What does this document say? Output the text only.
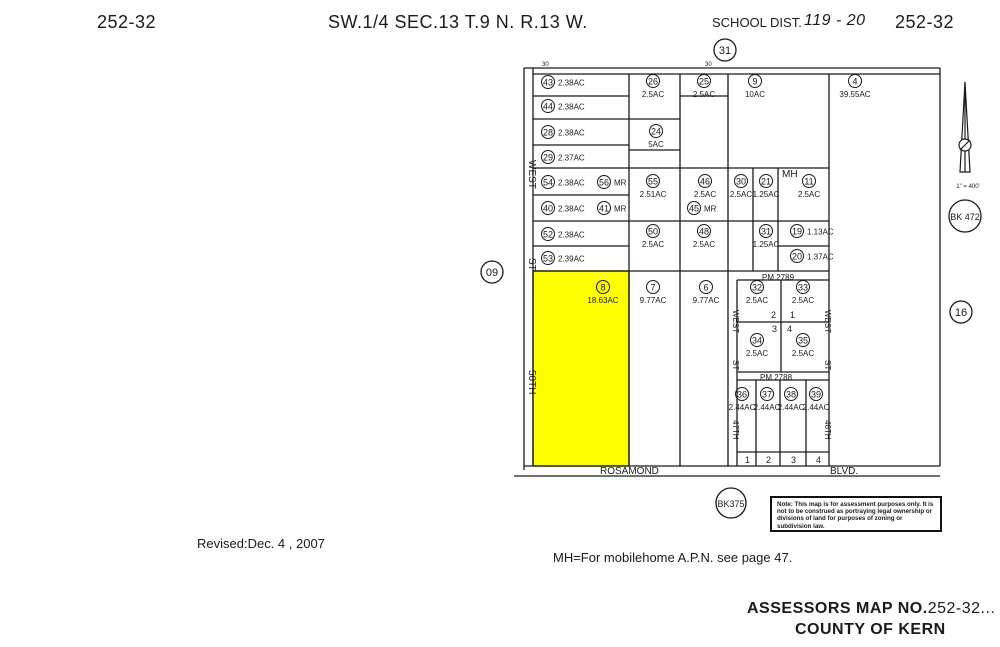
252-32	SW.1/4 SEC.13 T.9 N. R.13 W.	SCHOOL DIST. 119 - 20 252-32
43 2.38AC
44 2.38AC
28 2.38AC
29 2.37AC
54 2.38AC 56 MR
40 2.38AC 41 MR
52 2.38AC
53 2.39AC
26
2.5AC
25
2.5AC
9
10AC
4
39.55AC
24
5AC
55
2.51AC
46
2.5AC
45 MR
30
2.5AC
21
1.25AC
11
2.5AC
50
2.5AC
48
2.5AC
31
1.25AC
19 1.13AC
20 1.37AC
8
18.63AC
7
9.77AC
6
9.77AC
32
2.5AC
33
2.5AC
34
2.5AC
35
2.5AC
36
2.44AC
37
2.44AC
38
2.44AC
39
2.44AC
31
09
16
BK 472
BK375
1" = 400'
WEST
ST
50TH
ROSAMOND	BLVD.
WEST
ST
47TH
WEST
ST
46TH
PM 2789
PM 2788
MH
30	30
2 1
3 4
1 2 3 4
Note: This map is for assessment purposes only. It is not to be construed as portraying legal ownership or divisions of land for purposes of zoning or subdivision law.
Revised:Dec. 4 , 2007
MH=For mobilehome A.P.N. see page 47.
ASSESSORS MAP NO.252-32...
COUNTY OF KERN
